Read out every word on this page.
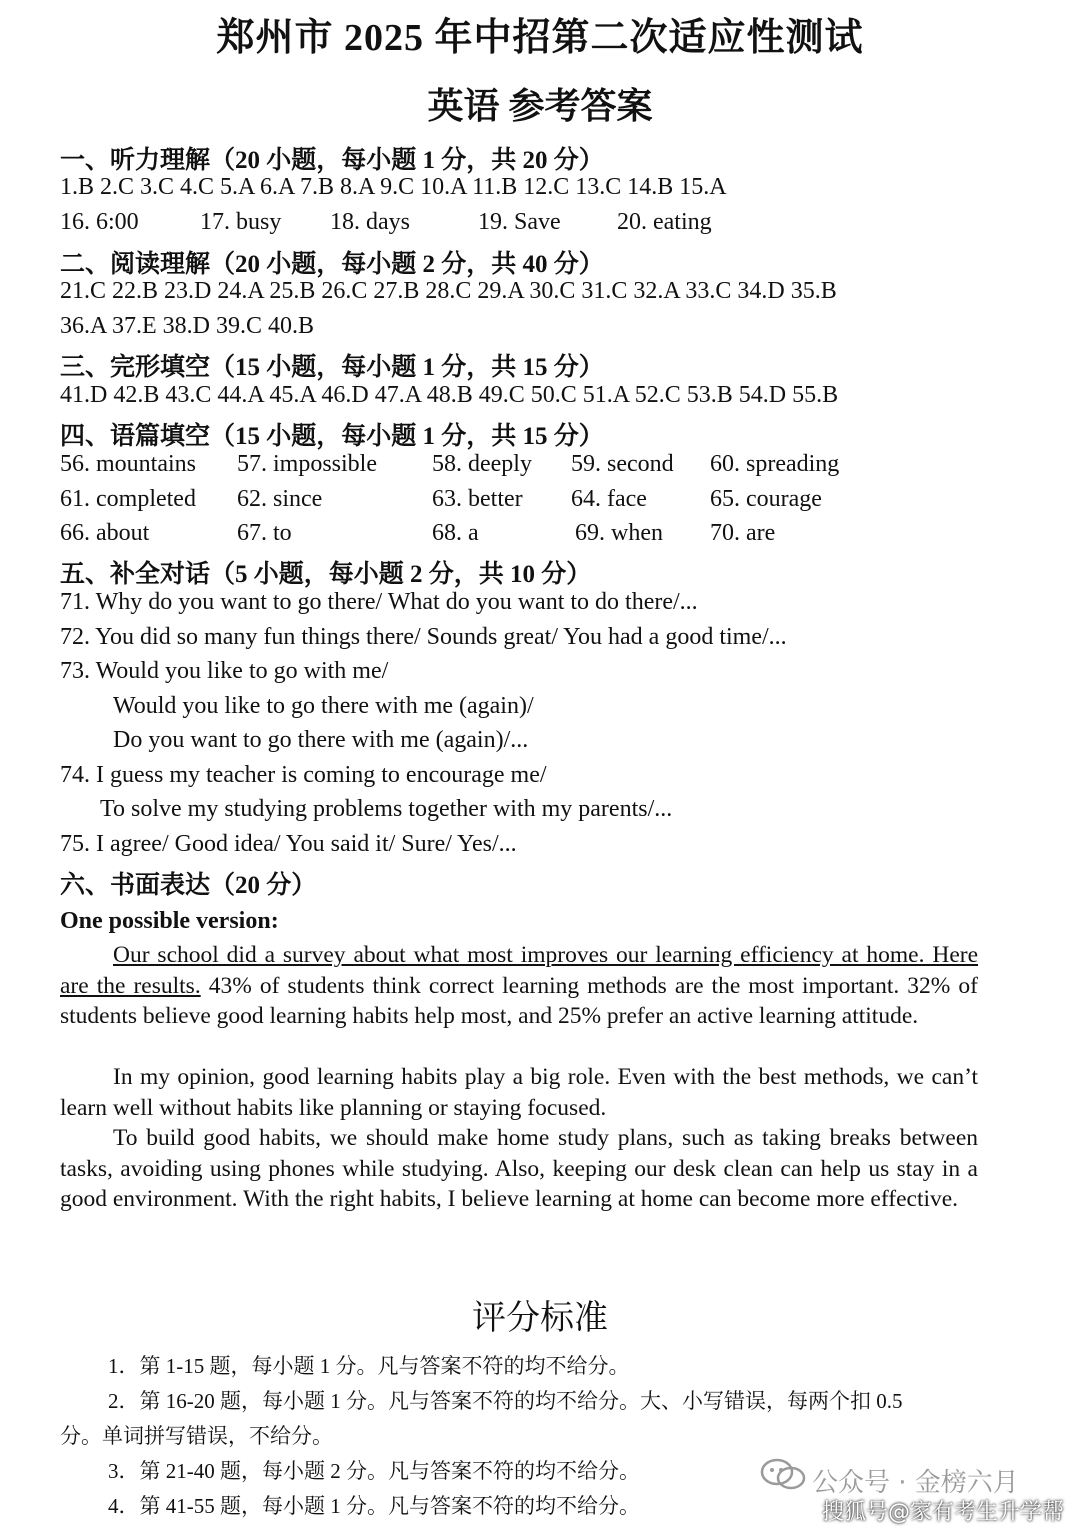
郑州市 2025 年中招第二次适应性测试
英语 参考答案
一、听力理解（20 小题，每小题 1 分，共 20 分）
1.B 2.C 3.C 4.C 5.A 6.A 7.B 8.A 9.C 10.A 11.B 12.C 13.C 14.B 15.A
16. 6:00	17. busy 18. days	19. Save 20. eating
二、阅读理解（20 小题，每小题 2 分，共 40 分）
21.C 22.B 23.D 24.A 25.B 26.C 27.B 28.C 29.A 30.C 31.C 32.A 33.C 34.D 35.B
36.A 37.E 38.D 39.C 40.B
三、完形填空（15 小题，每小题 1 分，共 15 分）
41.D 42.B 43.C 44.A 45.A 46.D 47.A 48.B 49.C 50.C 51.A 52.C 53.B 54.D 55.B
四、语篇填空（15 小题，每小题 1 分，共 15 分）
56. mountains 57. impossible 58. deeply 59. second 60. spreading
61. completed 62. since	63. better 64. face	65. courage
66. about	67. to	68. a	69. when 70. are
五、补全对话（5 小题，每小题 2 分，共 10 分）
71. Why do you want to go there/ What do you want to do there/...
72. You did so many fun things there/ Sounds great/ You had a good time/...
73. Would you like to go with me/
Would you like to go there with me (again)/
Do you want to go there with me (again)/...
74. I guess my teacher is coming to encourage me/
To solve my studying problems together with my parents/...
75. I agree/ Good idea/ You said it/ Sure/ Yes/...
六、书面表达（20 分）
One possible version:
Our school did a survey about what most improves our learning efficiency at home. Here are the results. 43% of students think correct learning methods are the most important. 32% of students believe good learning habits help most, and 25% prefer an active learning attitude.
In my opinion, good learning habits play a big role. Even with the best methods, we can’t learn well without habits like planning or staying focused.
To build good habits, we should make home study plans, such as taking breaks between tasks, avoiding using phones while studying. Also, keeping our desk clean can help us stay in a good environment. With the right habits, I believe learning at home can become more effective.
评分标准
1．第 1-15 题，每小题 1 分。凡与答案不符的均不给分。
2．第 16-20 题，每小题 1 分。凡与答案不符的均不给分。大、小写错误，每两个扣 0.5
分。单词拼写错误，不给分。
3．第 21-40 题，每小题 2 分。凡与答案不符的均不给分。
4．第 41-55 题，每小题 1 分。凡与答案不符的均不给分。
公众号 · 金榜六月
搜狐号@家有考生升学帮
